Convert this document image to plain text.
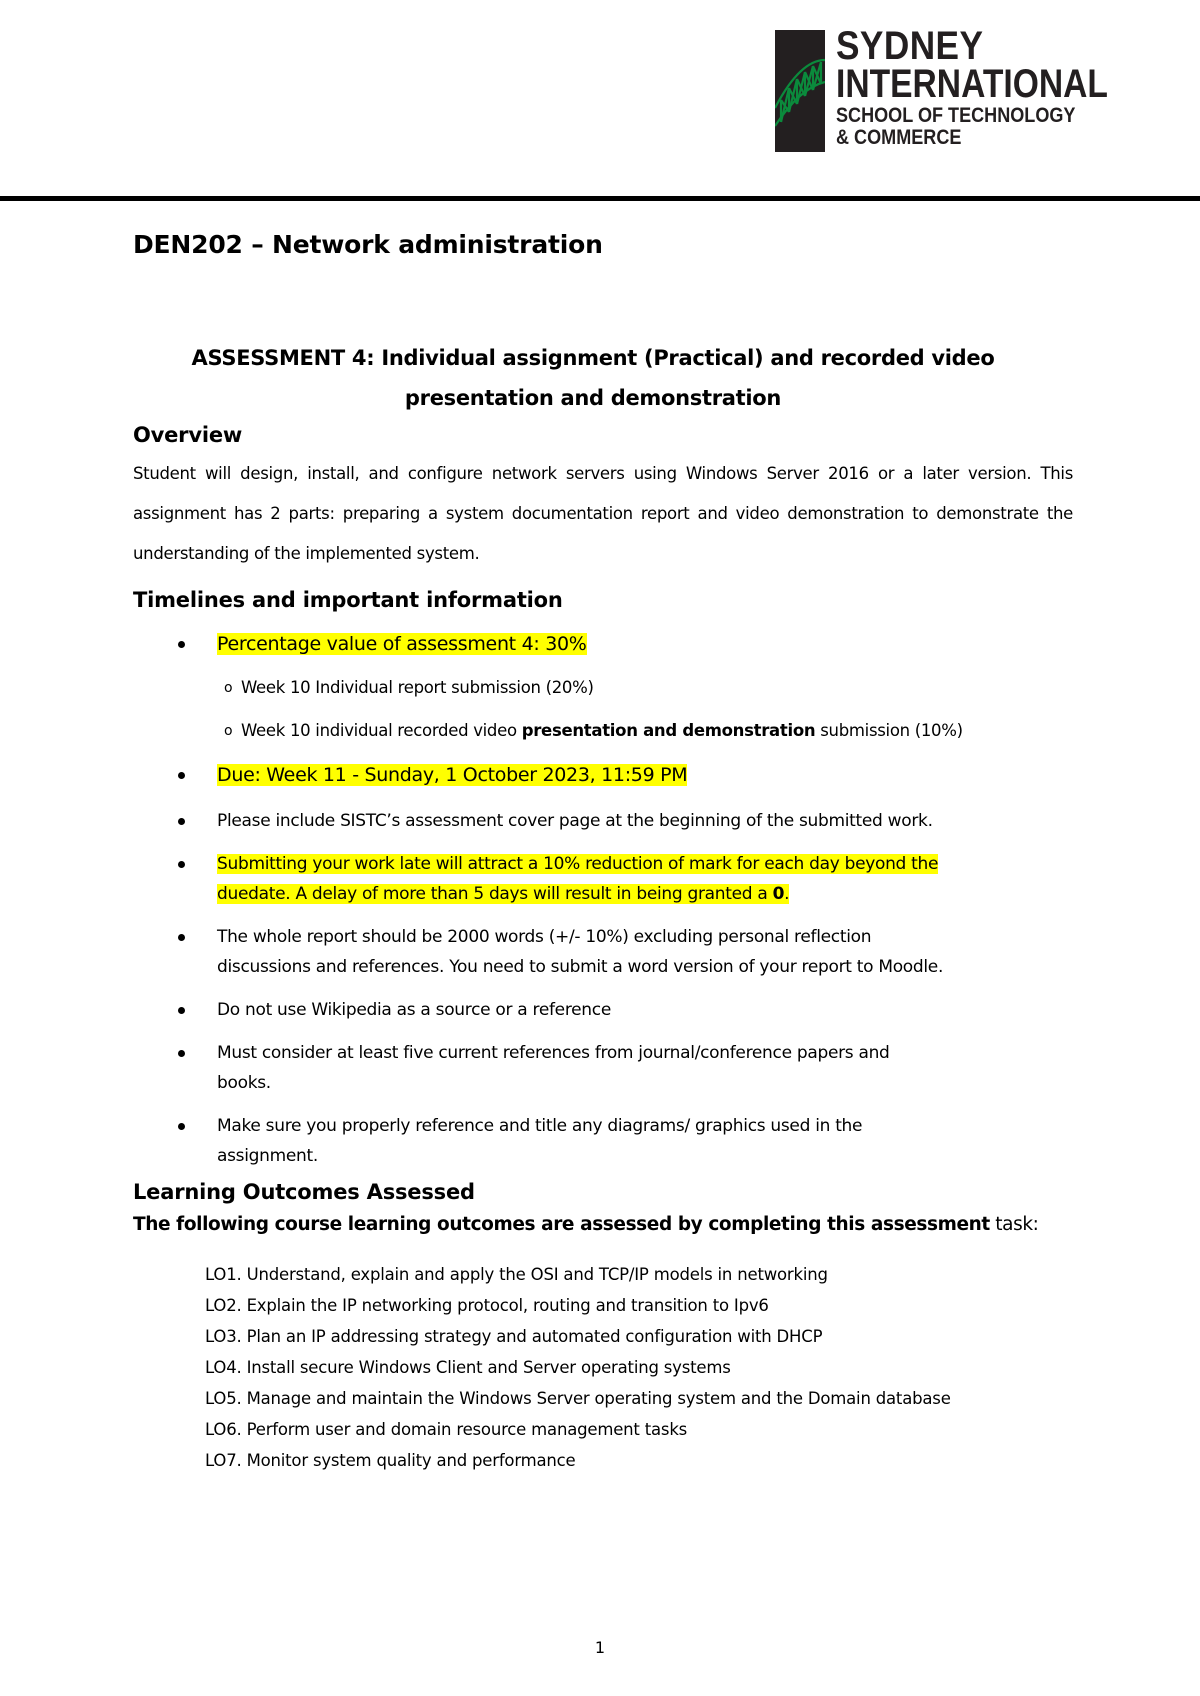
SYDNEY
INTERNATIONAL
SCHOOL OF TECHNOLOGY
& COMMERCE
DEN202 – Network administration
ASSESSMENT 4: Individual assignment (Practical) and recorded video
presentation and demonstration
Overview

Student will design, install, and configure network servers using Windows Server 2016 or a later version. This assignment has 2 parts: preparing a system documentation report and video demonstration to demonstrate the understanding of the implemented system.

Timelines and important information
Percentage value of assessment 4: 30%
o Week 10 Individual report submission (20%)
o Week 10 individual recorded video presentation and demonstration submission (10%)
Due: Week 11 - Sunday, 1 October 2023, 11:59 PM
Please include SISTC’s assessment cover page at the beginning of the submitted work.
Submitting your work late will attract a 10% reduction of mark for each day beyond the
duedate. A delay of more than 5 days will result in being granted a 0.
The whole report should be 2000 words (+/- 10%) excluding personal reflection
discussions and references. You need to submit a word version of your report to Moodle.
Do not use Wikipedia as a source or a reference
Must consider at least five current references from journal/conference papers and
books.
Make sure you properly reference and title any diagrams/ graphics used in the
assignment.
Learning Outcomes Assessed

The following course learning outcomes are assessed by completing this assessment task:

LO1. Understand, explain and apply the OSI and TCP/IP models in networking
LO2. Explain the IP networking protocol, routing and transition to Ipv6
LO3. Plan an IP addressing strategy and automated configuration with DHCP
LO4. Install secure Windows Client and Server operating systems
LO5. Manage and maintain the Windows Server operating system and the Domain database
LO6. Perform user and domain resource management tasks
LO7. Monitor system quality and performance
1
